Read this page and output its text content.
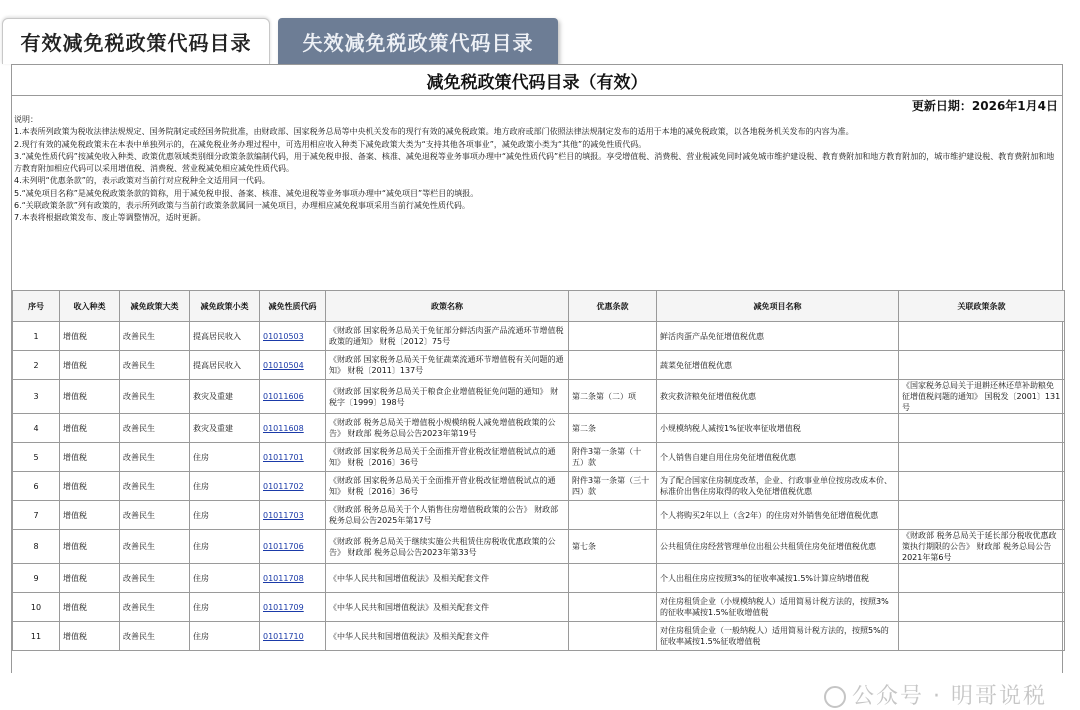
有效减免税政策代码目录	失效减免税政策代码目录
减免税政策代码目录（有效）
更新日期：2026年1月4日
说明：
1.本表所列政策为税收法律法规规定、国务院制定或经国务院批准，由财政部、国家税务总局等中央机关发布的现行有效的减免税政策。地方政府或部门依照法律法规制定发布的适用于本地的减免税政策，以各地税务机关发布的内容为准。
2.现行有效的减免税政策未在本表中单独列示的，在减免税业务办理过程中，可选用相应收入种类下减免政策大类为“支持其他各项事业”，减免政策小类为“其他”的减免性质代码。
3.“减免性质代码”按减免收入种类、政策优惠领域类别细分政策条款编制代码，用于减免税申报、备案、核准、减免退税等业务事项办理中“减免性质代码”栏目的填报。享受增值税、消费税、营业税减免同时减免城市维护建设税、教育费附加和地方教育附加的，城市维护建设税、教育费附加和地方教育附加相应代码可以采用增值税、消费税、营业税减免相应减免性质代码。
4.未列明“优惠条款”的，表示政策对当前行对应税种全文适用同一代码。
5.“减免项目名称”是减免税政策条款的简称，用于减免税申报、备案、核准、减免退税等业务事项办理中“减免项目”等栏目的填报。
6.“关联政策条款”列有政策的，表示所列政策与当前行政策条款属同一减免项目，办理相应减免税事项采用当前行减免性质代码。
7.本表将根据政策发布、废止等调整情况，适时更新。
序号	收入种类	减免政策大类	减免政策小类	减免性质代码	政策名称	优惠条款	减免项目名称	关联政策条款
1	增值税	改善民生	提高居民收入	01010503	《财政部 国家税务总局关于免征部分鲜活肉蛋产品流通环节增值税政策的通知》 财税〔2012〕75号		鲜活肉蛋产品免征增值税优惠	
2	增值税	改善民生	提高居民收入	01010504	《财政部 国家税务总局关于免征蔬菜流通环节增值税有关问题的通知》 财税〔2011〕137号		蔬菜免征增值税优惠	
3	增值税	改善民生	救灾及重建	01011606	《财政部 国家税务总局关于粮食企业增值税征免问题的通知》 财税字〔1999〕198号	第二条第（二）项	救灾救济粮免征增值税优惠	《国家税务总局关于退耕还林还草补助粮免征增值税问题的通知》 国税发〔2001〕131号
4	增值税	改善民生	救灾及重建	01011608	《财政部 税务总局关于增值税小规模纳税人减免增值税政策的公告》 财政部 税务总局公告2023年第19号	第二条	小规模纳税人减按1%征收率征收增值税	
5	增值税	改善民生	住房	01011701	《财政部 国家税务总局关于全面推开营业税改征增值税试点的通知》 财税〔2016〕36号	附件3第一条第（十五）款	个人销售自建自用住房免征增值税优惠	
6	增值税	改善民生	住房	01011702	《财政部 国家税务总局关于全面推开营业税改征增值税试点的通知》 财税〔2016〕36号	附件3第一条第（三十四）款	为了配合国家住房制度改革，企业、行政事业单位按房改成本价、标准价出售住房取得的收入免征增值税优惠	
7	增值税	改善民生	住房	01011703	《财政部 税务总局关于个人销售住房增值税政策的公告》 财政部 税务总局公告2025年第17号		个人将购买2年以上（含2年）的住房对外销售免征增值税优惠	
8	增值税	改善民生	住房	01011706	《财政部 税务总局关于继续实施公共租赁住房税收优惠政策的公告》 财政部 税务总局公告2023年第33号	第七条	公共租赁住房经营管理单位出租公共租赁住房免征增值税优惠	《财政部 税务总局关于延长部分税收优惠政策执行期限的公告》 财政部 税务总局公告2021年第6号
9	增值税	改善民生	住房	01011708	《中华人民共和国增值税法》及相关配套文件		个人出租住房应按照3%的征收率减按1.5%计算应纳增值税	
10	增值税	改善民生	住房	01011709	《中华人民共和国增值税法》及相关配套文件		对住房租赁企业（小规模纳税人）适用简易计税方法的，按照3%的征收率减按1.5%征收增值税	
11	增值税	改善民生	住房	01011710	《中华人民共和国增值税法》及相关配套文件		对住房租赁企业（一般纳税人）适用简易计税方法的，按照5%的征收率减按1.5%征收增值税	
公众号 · 明哥说税
